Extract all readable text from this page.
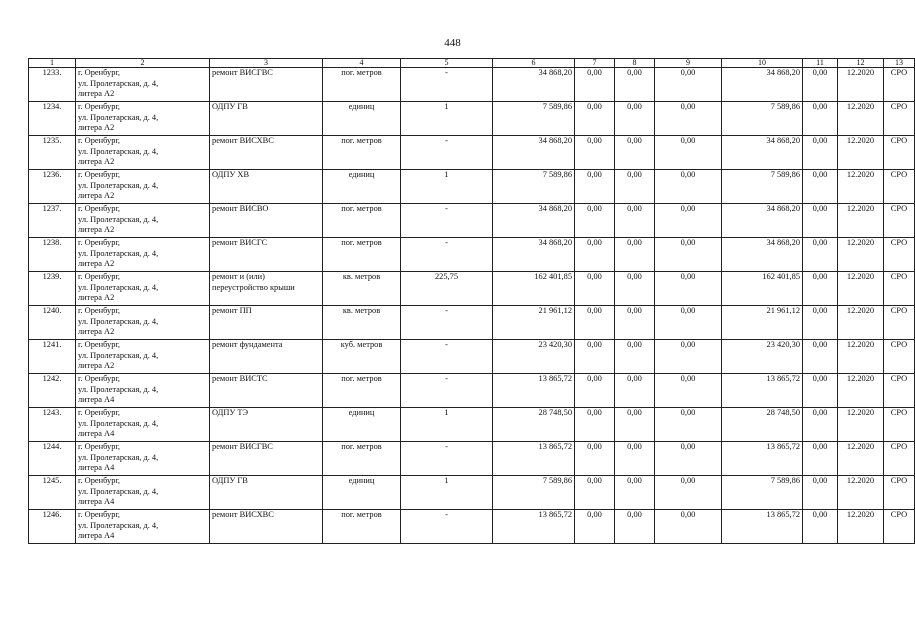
448
1	2	3	4	5	6	7	8	9	10	11	12	13
1233.	г. Оренбург,
ул. Пролетарская, д. 4,
литера А2	ремонт ВИСГВС	пог. метров	-	34 868,20	0,00	0,00	0,00	34 868,20	0,00	12.2020	СРО
1234.	г. Оренбург,
ул. Пролетарская, д. 4,
литера А2	ОДПУ ГВ	единиц	1	7 589,86	0,00	0,00	0,00	7 589,86	0,00	12.2020	СРО
1235.	г. Оренбург,
ул. Пролетарская, д. 4,
литера А2	ремонт ВИСХВС	пог. метров	-	34 868,20	0,00	0,00	0,00	34 868,20	0,00	12.2020	СРО
1236.	г. Оренбург,
ул. Пролетарская, д. 4,
литера А2	ОДПУ ХВ	единиц	1	7 589,86	0,00	0,00	0,00	7 589,86	0,00	12.2020	СРО
1237.	г. Оренбург,
ул. Пролетарская, д. 4,
литера А2	ремонт ВИСВО	пог. метров	-	34 868,20	0,00	0,00	0,00	34 868,20	0,00	12.2020	СРО
1238.	г. Оренбург,
ул. Пролетарская, д. 4,
литера А2	ремонт ВИСГС	пог. метров	-	34 868,20	0,00	0,00	0,00	34 868,20	0,00	12.2020	СРО
1239.	г. Оренбург,
ул. Пролетарская, д. 4,
литера А2	ремонт и (или)
переустройство крыши	кв. метров	225,75	162 401,85	0,00	0,00	0,00	162 401,85	0,00	12.2020	СРО
1240.	г. Оренбург,
ул. Пролетарская, д. 4,
литера А2	ремонт ПП	кв. метров	-	21 961,12	0,00	0,00	0,00	21 961,12	0,00	12.2020	СРО
1241.	г. Оренбург,
ул. Пролетарская, д. 4,
литера А2	ремонт фундамента	куб. метров	-	23 420,30	0,00	0,00	0,00	23 420,30	0,00	12.2020	СРО
1242.	г. Оренбург,
ул. Пролетарская, д. 4,
литера А4	ремонт ВИСТС	пог. метров	-	13 865,72	0,00	0,00	0,00	13 865,72	0,00	12.2020	СРО
1243.	г. Оренбург,
ул. Пролетарская, д. 4,
литера А4	ОДПУ ТЭ	единиц	1	28 748,50	0,00	0,00	0,00	28 748,50	0,00	12.2020	СРО
1244.	г. Оренбург,
ул. Пролетарская, д. 4,
литера А4	ремонт ВИСГВС	пог. метров	-	13 865,72	0,00	0,00	0,00	13 865,72	0,00	12.2020	СРО
1245.	г. Оренбург,
ул. Пролетарская, д. 4,
литера А4	ОДПУ ГВ	единиц	1	7 589,86	0,00	0,00	0,00	7 589,86	0,00	12.2020	СРО
1246.	г. Оренбург,
ул. Пролетарская, д. 4,
литера А4	ремонт ВИСХВС	пог. метров	-	13 865,72	0,00	0,00	0,00	13 865,72	0,00	12.2020	СРО
